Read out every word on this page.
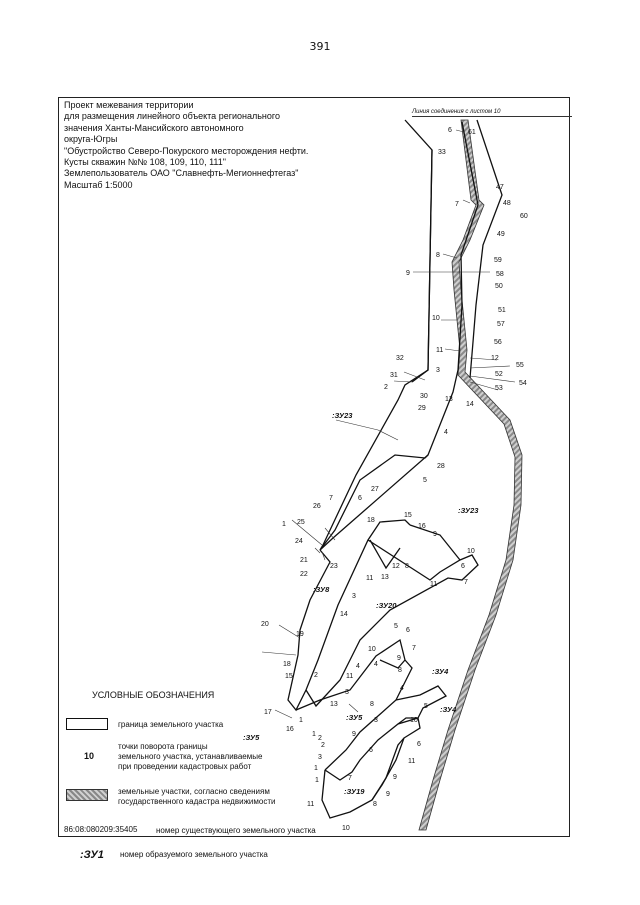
391
Проект межевания территории
для размещения линейного объекта регионального
значения Ханты-Мансийского автономного
округа-Югры
"Обустройство Северо-Покурского месторождения нефти.
Кусты скважин №№ 108, 109, 110, 111"
Землепользователь ОАО "Славнефть-Мегионнефтегаз"
Масштаб 1:5000
Линия соединения с листом 10
6 61
33
47
7	48
60
49
8
59
9	58
50
51
10
57
56
11
12
55
52
54
53
14
32
31
3
2
30
29
13
4
28
5
27
6
7
26
25
1
24
21
22
23
15
16
9
18
11
12
13
8
10
6
7
11
3
14
20
19
18
15	2
17
16
1
5
6
7
10
4
11
9
8
4
3
4
5
8
10
2
13
9
3
2
1
6
7
3
6
11
9
1
1
8
9
11
10
:ЗУ23
:ЗУ23
:ЗУ8
:ЗУ20
:ЗУ4
:ЗУ4
:ЗУ5
:ЗУ5
:ЗУ19
УСЛОВНЫЕ ОБОЗНАЧЕНИЯ
граница земельного участка
10
точки поворота границы
земельного участка, устанавливаемые
при проведении кадастровых работ
земельные участки, согласно сведениям
государственного кадастра недвижимости
86:08:080209:35405 номер существующего земельного участка
:ЗУ1 номер образуемого земельного участка
